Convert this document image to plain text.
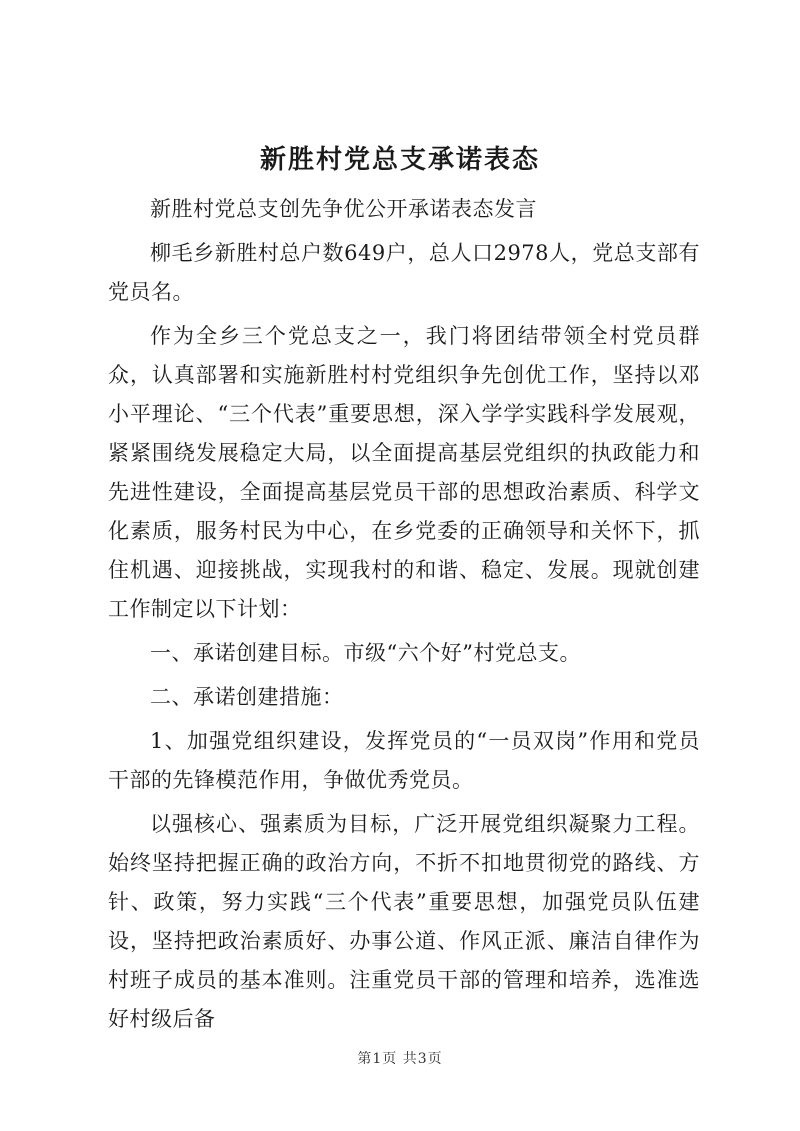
新胜村党总支承诺表态

新胜村党总支创先争优公开承诺表态发言

柳毛乡新胜村总户数649户，总人口2978人，党总支部有党员名。

作为全乡三个党总支之一，我门将团结带领全村党员群众，认真部署和实施新胜村村党组织争先创优工作，坚持以邓小平理论、“三个代表”重要思想，深入学学实践科学发展观，紧紧围绕发展稳定大局，以全面提高基层党组织的执政能力和先进性建设，全面提高基层党员干部的思想政治素质、科学文化素质，服务村民为中心，在乡党委的正确领导和关怀下，抓住机遇、迎接挑战，实现我村的和谐、稳定、发展。现就创建工作制定以下计划：

一、承诺创建目标。市级“六个好”村党总支。

二、承诺创建措施：

1、加强党组织建设，发挥党员的“一员双岗”作用和党员干部的先锋模范作用，争做优秀党员。

以强核心、强素质为目标，广泛开展党组织凝聚力工程。始终坚持把握正确的政治方向，不折不扣地贯彻党的路线、方针、政策，努力实践“三个代表”重要思想，加强党员队伍建设，坚持把政治素质好、办事公道、作风正派、廉洁自律作为村班子成员的基本准则。注重党员干部的管理和培养，选准选好村级后备

第1页 共3页
